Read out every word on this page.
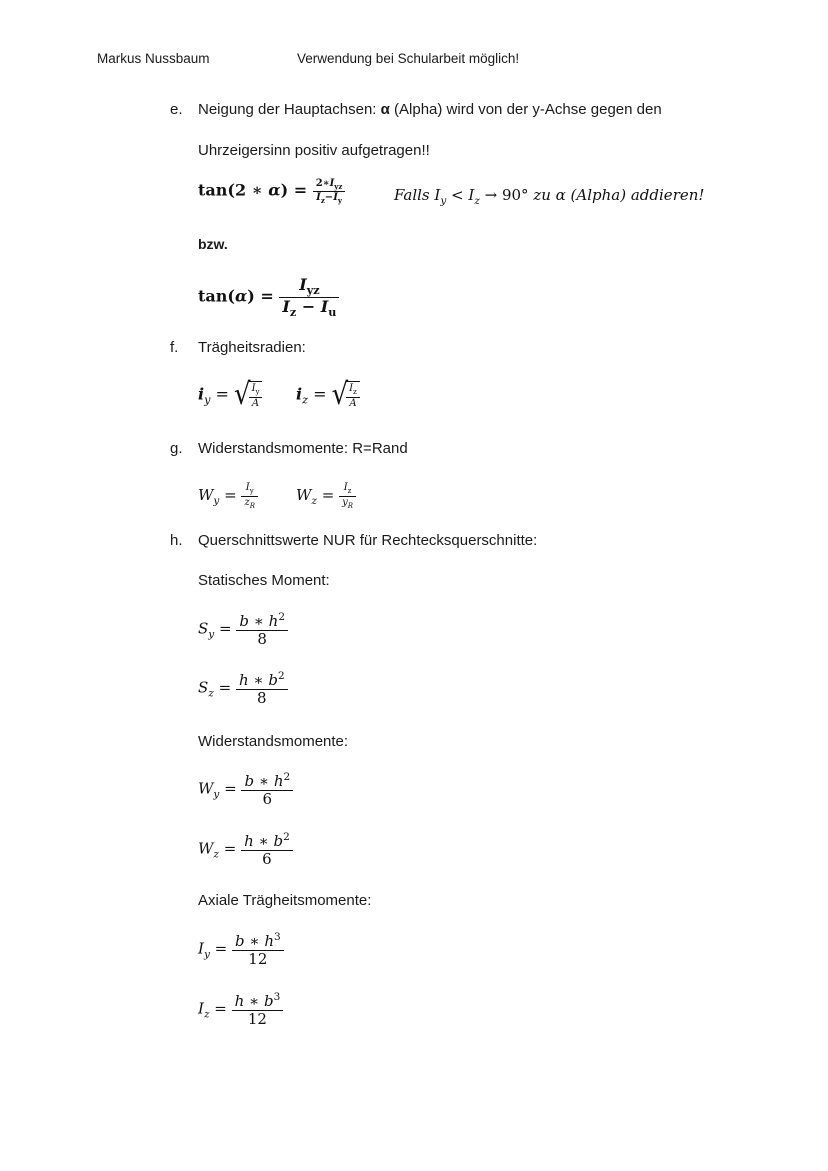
Markus Nussbaum	Verwendung bei Schularbeit möglich!
e. Neigung der Hauptachsen: α (Alpha) wird von der y-Achse gegen den
Uhrzeigersinn positiv aufgetragen!!
tan(2 ∗ $\alpha) = \frac{2∗I_{yz}}{I_z-I_y}$	Falls $I_y < I_z \to 90^\circ$ zu α (Alpha) addieren!
bzw.
$\tan(\alpha) = \frac{I_{yz}}{I_z - I_u}$
f. Trägheitsradien:
$i_y$ = √
$\frac{I_y}{A} i_z$ = √
$\frac{I_z}{A}$
g. Widerstandsmomente: R=Rand
$W_y = \frac{I_y}{z_R}$	$W_z = \frac{I_z}{y_R}$
h. Querschnittswerte NUR für Rechtecksquerschnitte:
Statisches Moment:
$S_y = \frac{b ∗ h^2}{8}$
$S_z = \frac{h ∗ b^2}{8}$
Widerstandsmomente:
$W_y = \frac{b ∗ h^2}{6}$
$W_z = \frac{h ∗ b^2}{6}$
Axiale Trägheitsmomente:
$I_y = \frac{b ∗ h^3}{12}$
$I_z = \frac{h ∗ b^3}{12}$
